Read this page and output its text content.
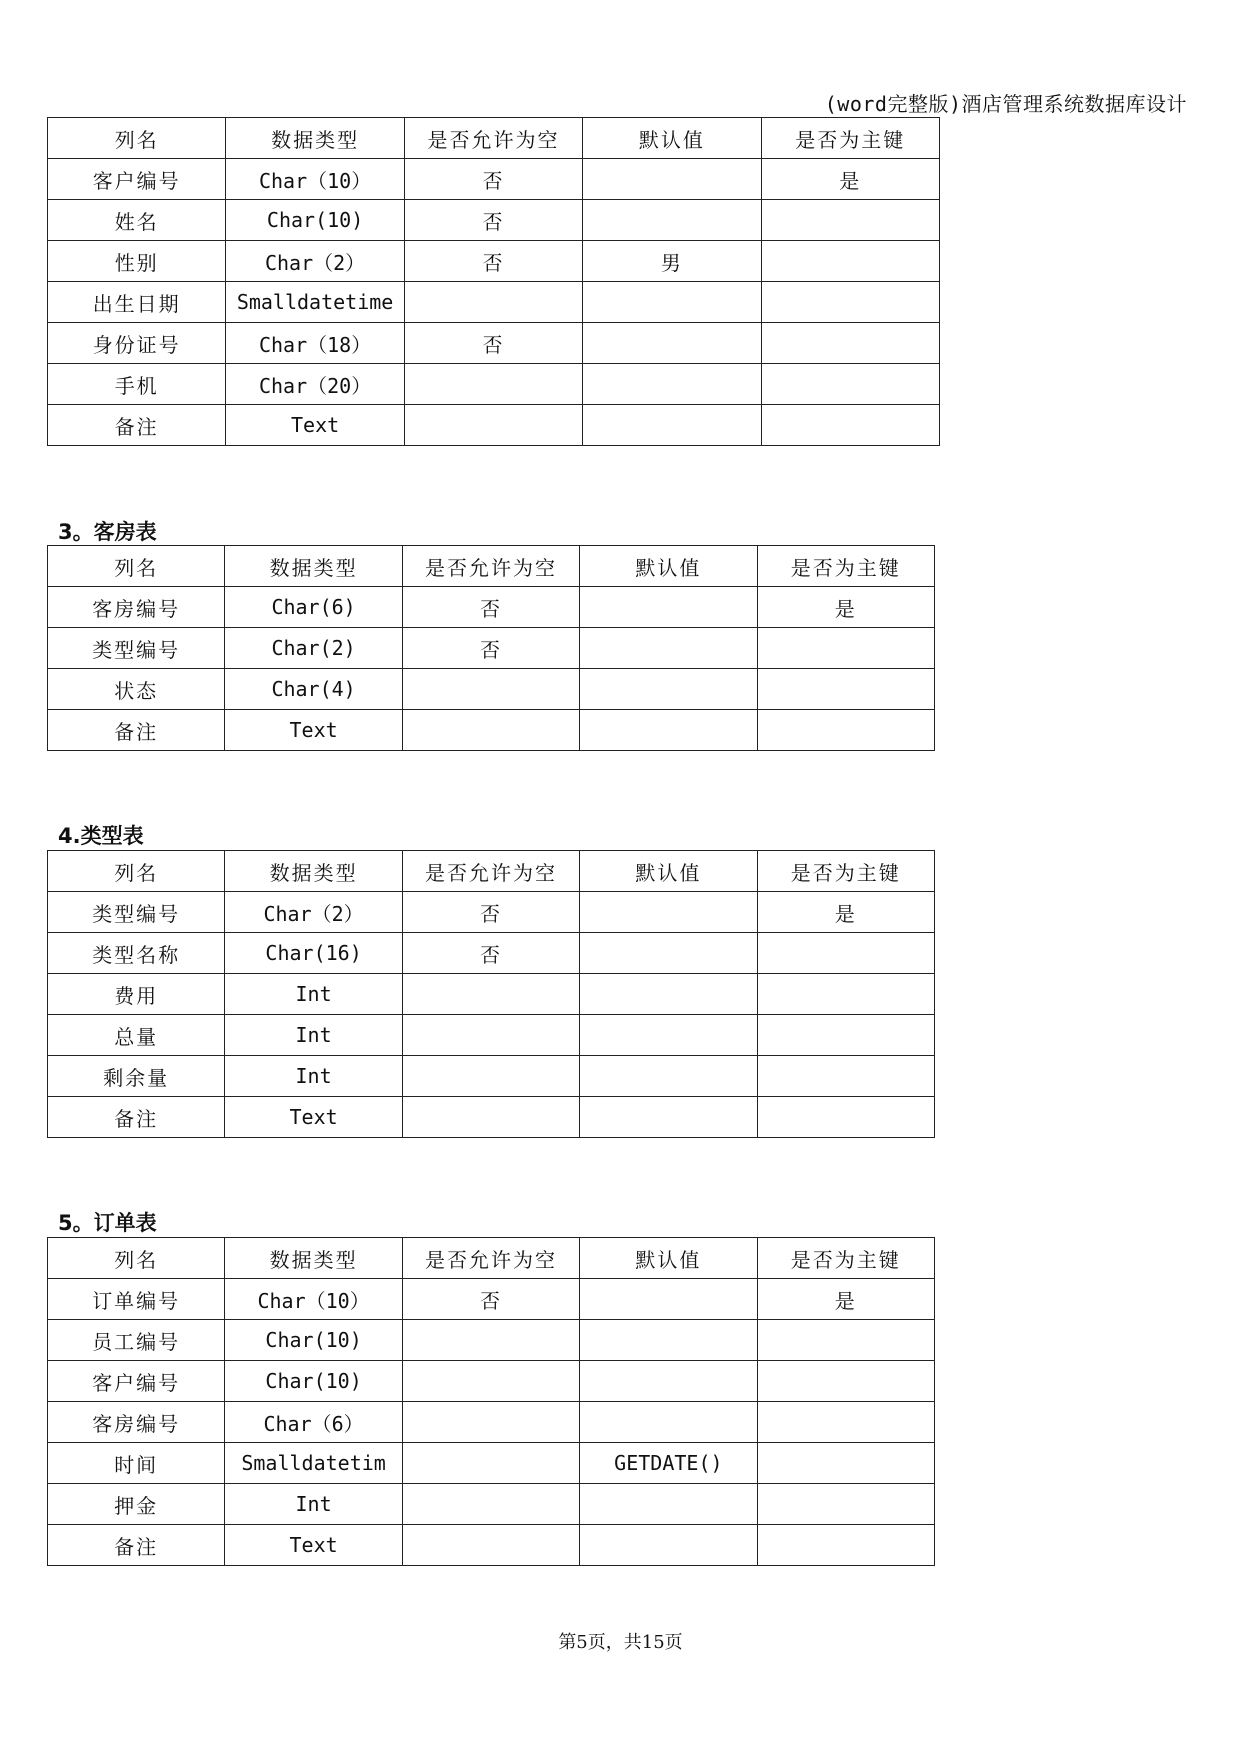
(word完整版)酒店管理系统数据库设计
列名	数据类型	是否允许为空	默认值	是否为主键
客户编号	Char（10）	否		是
姓名	Char(10)	否		
性别	Char（2）	否	男	
出生日期	Smalldatetime			
身份证号	Char（18）	否		
手机	Char（20）			
备注	Text			
3。客房表
列名	数据类型	是否允许为空	默认值	是否为主键
客房编号	Char(6)	否		是
类型编号	Char(2)	否		
状态	Char(4)			
备注	Text			
4.类型表
列名	数据类型	是否允许为空	默认值	是否为主键
类型编号	Char（2）	否		是
类型名称	Char(16)	否		
费用	Int			
总量	Int			
剩余量	Int			
备注	Text			
5。订单表
列名	数据类型	是否允许为空	默认值	是否为主键
订单编号	Char（10）	否		是
员工编号	Char(10)			
客户编号	Char(10)			
客房编号	Char（6）			
时间	Smalldatetim		GETDATE()	
押金	Int			
备注	Text			
第5页，共15页
